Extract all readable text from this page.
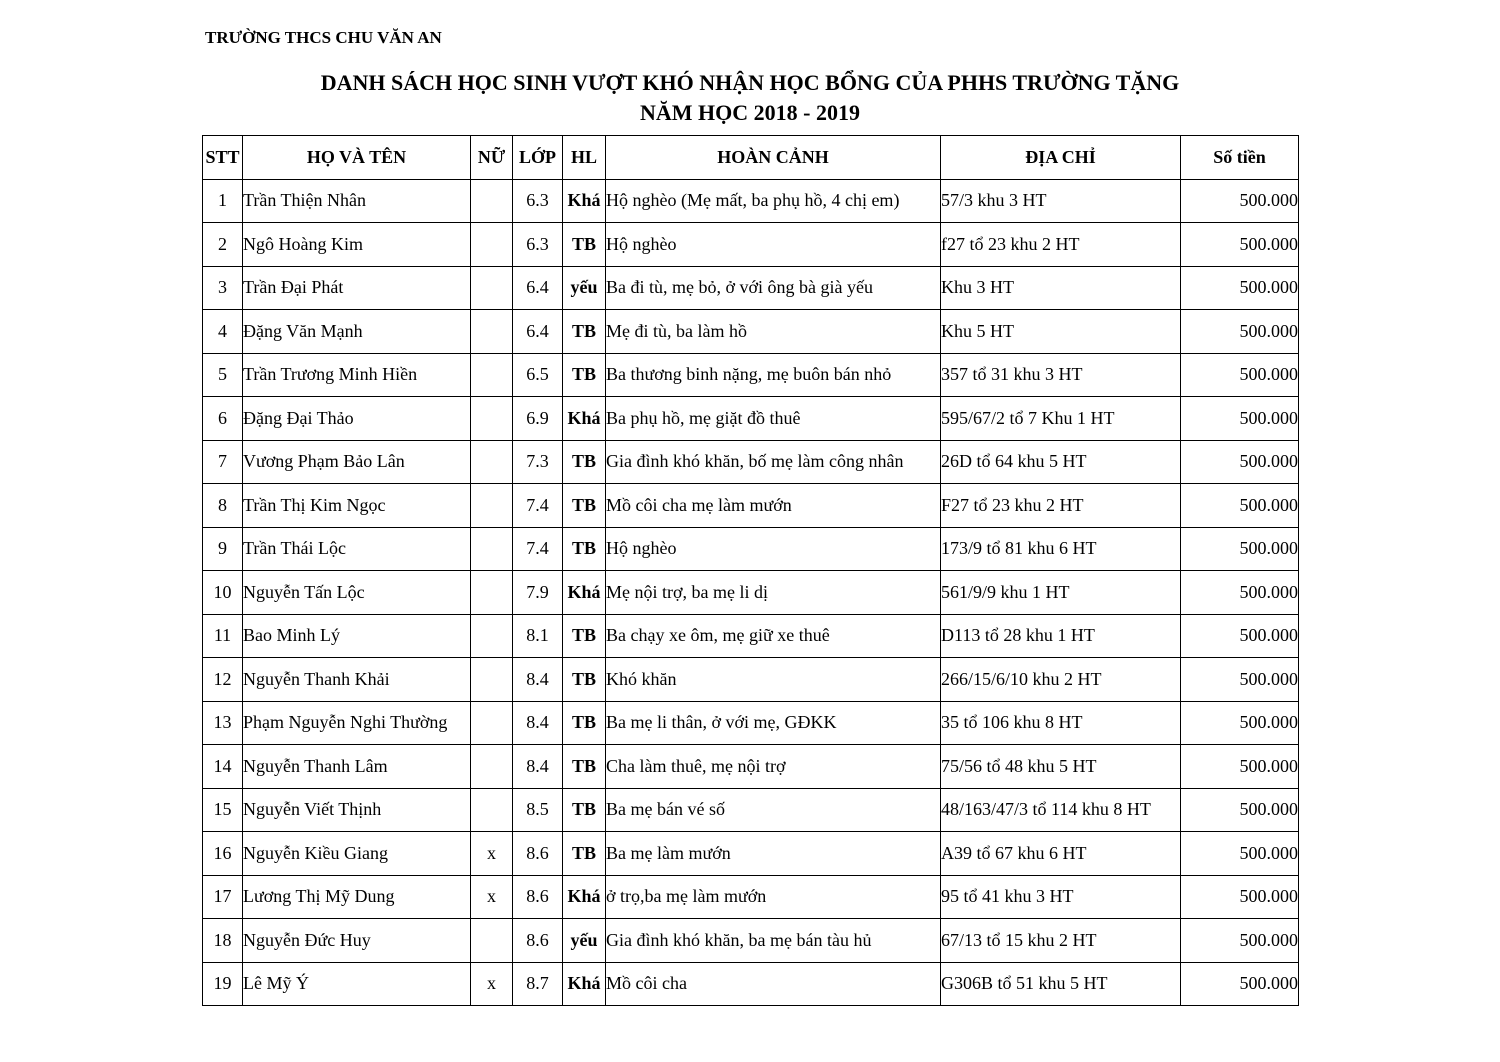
TRƯỜNG THCS CHU VĂN AN
DANH SÁCH HỌC SINH VƯỢT KHÓ NHẬN HỌC BỔNG CỦA PHHS TRƯỜNG TẶNG
NĂM HỌC 2018 - 2019
STT	HỌ VÀ TÊN	NỮ	LỚP	HL	HOÀN CẢNH	ĐỊA CHỈ	Số tiền
1	Trần Thiện Nhân		6.3	Khá	Hộ nghèo (Mẹ mất, ba phụ hồ, 4 chị em)	57/3 khu 3 HT	500.000
2	Ngô Hoàng Kim		6.3	TB	Hộ nghèo	f27 tổ 23 khu 2 HT	500.000
3	Trần Đại Phát		6.4	yếu	Ba đi tù, mẹ bỏ, ở với ông bà già yếu	Khu 3 HT	500.000
4	Đặng Văn Mạnh		6.4	TB	Mẹ đi tù, ba làm hồ	Khu 5 HT	500.000
5	Trần Trương Minh Hiền		6.5	TB	Ba thương binh nặng, mẹ buôn bán nhỏ	357 tổ 31 khu 3 HT	500.000
6	Đặng Đại Thảo		6.9	Khá	Ba phụ hồ, mẹ giặt đồ thuê	595/67/2 tổ 7 Khu 1 HT	500.000
7	Vương Phạm Bảo Lân		7.3	TB	Gia đình khó khăn, bố mẹ làm công nhân	26D tổ 64 khu 5 HT	500.000
8	Trần Thị Kim Ngọc		7.4	TB	Mồ côi cha mẹ làm mướn	F27 tổ 23 khu 2 HT	500.000
9	Trần Thái Lộc		7.4	TB	Hộ nghèo	173/9 tổ 81 khu 6 HT	500.000
10	Nguyễn Tấn Lộc		7.9	Khá	Mẹ nội trợ, ba mẹ li dị	561/9/9 khu 1 HT	500.000
11	Bao Minh Lý		8.1	TB	Ba chạy xe ôm, mẹ giữ xe thuê	D113 tổ 28 khu 1 HT	500.000
12	Nguyễn Thanh Khải		8.4	TB	Khó khăn	266/15/6/10 khu 2 HT	500.000
13	Phạm Nguyễn Nghi Thường		8.4	TB	Ba mẹ li thân, ở với mẹ, GĐKK	35 tổ 106 khu 8 HT	500.000
14	Nguyễn Thanh Lâm		8.4	TB	Cha làm thuê, mẹ nội trợ	75/56 tổ 48 khu 5 HT	500.000
15	Nguyễn Viết Thịnh		8.5	TB	Ba mẹ bán vé số	48/163/47/3 tổ 114 khu 8 HT	500.000
16	Nguyễn Kiều Giang	x	8.6	TB	Ba mẹ làm mướn	A39 tổ 67 khu 6 HT	500.000
17	Lương Thị Mỹ Dung	x	8.6	Khá	ở trọ,ba mẹ làm mướn	95 tổ 41 khu 3 HT	500.000
18	Nguyễn Đức Huy		8.6	yếu	Gia đình khó khăn, ba mẹ bán tàu hủ	67/13 tổ 15 khu 2 HT	500.000
19	Lê Mỹ Ý	x	8.7	Khá	Mồ côi cha	G306B tổ 51 khu 5 HT	500.000
